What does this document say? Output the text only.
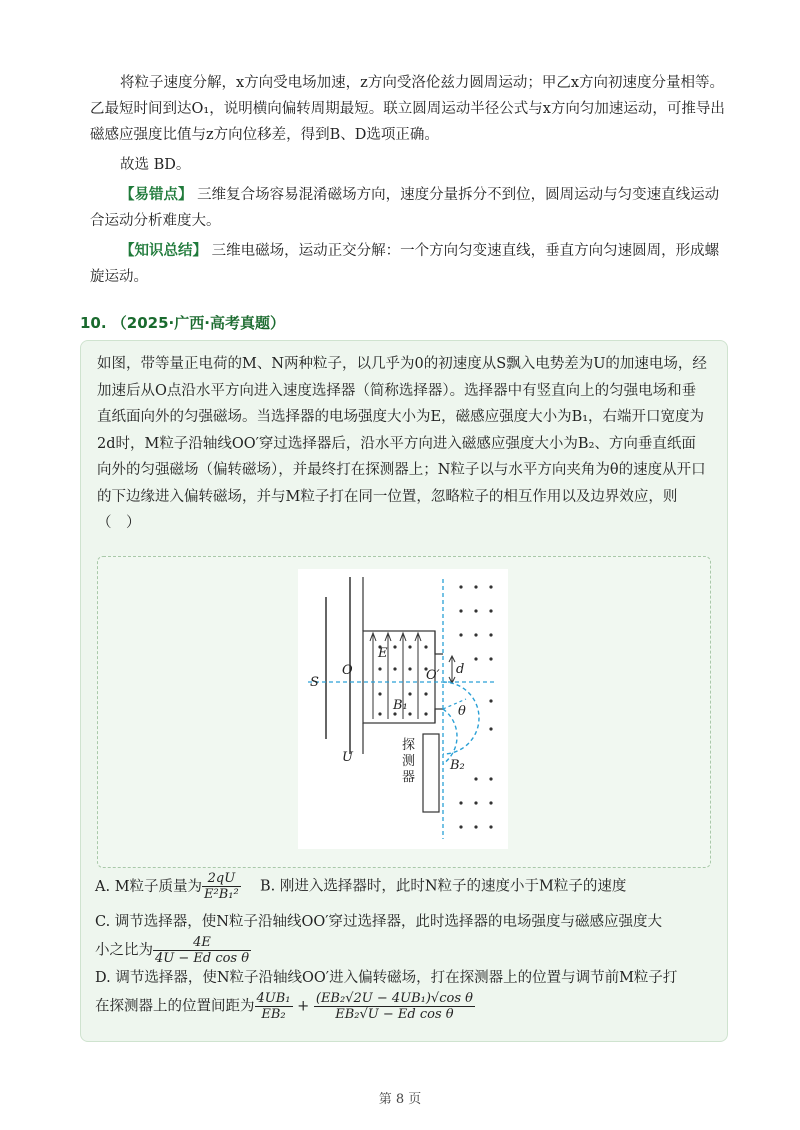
将粒子速度分解，x方向受电场加速，z方向受洛伦兹力圆周运动；甲乙x方向初速度分量相等。乙最短时间到达O₁，说明横向偏转周期最短。联立圆周运动半径公式与x方向匀加速运动，可推导出磁感应强度比值与z方向位移差，得到B、D选项正确。

故选 BD。

【易错点】 三维复合场容易混淆磁场方向，速度分量拆分不到位，圆周运动与匀变速直线运动合运动分析难度大。

【知识总结】 三维电磁场，运动正交分解：一个方向匀变速直线，垂直方向匀速圆周，形成螺旋运动。

10. （2025·广西·高考真题）

如图，带等量正电荷的M、N两种粒子，以几乎为0的初速度从S飘入电势差为U的加速电场，经加速后从O点沿水平方向进入速度选择器（简称选择器）。选择器中有竖直向上的匀强电场和垂直纸面向外的匀强磁场。当选择器的电场强度大小为E，磁感应强度大小为B₁，右端开口宽度为2d时，M粒子沿轴线OO′穿过选择器后，沿水平方向进入磁感应强度大小为B₂、方向垂直纸面向外的匀强磁场（偏转磁场），并最终打在探测器上；N粒子以与水平方向夹角为θ的速度从开口的下边缘进入偏转磁场，并与M粒子打在同一位置，忽略粒子的相互作用以及边界效应，则（　）

S
O
E
B₁
O′ d
θ
U
B₂
探
测
器
A. M粒子质量为 $\frac{2qU}{\text{E²B₁²}} B$. 刚进入选择器时，此时N粒子的速度小于M粒子的速度
C. 调节选择器，使N粒子沿轴线OO′穿过选择器，此时选择器的电场强度与磁感应强度大
小之比为 $\frac{4E}{\text{4U − Ed cos θ}}$
D. 调节选择器，使N粒子沿轴线OO′进入偏转磁场，打在探测器上的位置与调节前M粒子打
在探测器上的位置间距为 $\frac{\text{4UB₁}}{\text{EB₂}} + \frac{\text{(EB₂√2U − 4UB₁)√cos θ}}{\text{EB₂√U − Ed cos θ}}$
第 8 页
